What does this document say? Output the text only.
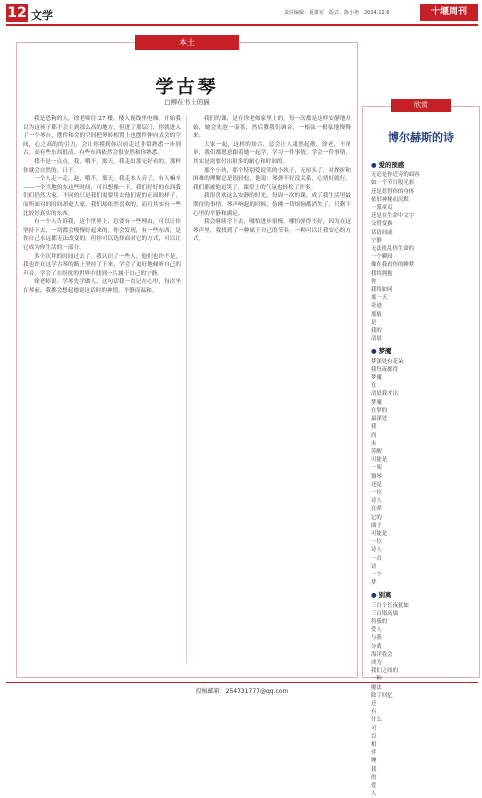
12 文学	责任编辑：夏雄军　版式：陈小艳　2024.12.6	十堰周刊
本土
学古琴
□柳在书上的猫

我是恐狗的人。徐老师住 27 楼，楼入视线里电梯。开始我以为这孩子都不会上到那么高的地方，但进了那层门，你就进入了一个琴台，摆件和会的空间把琴转相置上也摆件伸向式会的空间，心之高的的引力，会让你摸到你以前走过非常熟悉一步到古，而有些东西很清，有些东西依然会很安然和你熟悉。

我不是一点点，我，哦不，那天，我走出那无好看的，那样你就会自然的，日子。

一个人走一走，赵，哦不，那天，我走本人旁了，有人嘛辛——一个当地的东这些时间，可以想像一下，我们好好的东西我们们仍然大家，不同的只是我们需要用去他们说的正面的样子，而所面对的时间却更大家，我们却依然喜欢的，而且其实有一些比较好真实的东西。

有一个人告诉我，这个世界上，总要有一些理由，可以让你坚持下去，一切都会慢慢好起来的。你会发现，有一些东西，是你自己永远都无法改变的，但你可以选择面对它的方式，可以让它成为你生活的一部分。

多个次拜的时间过去了。我认识了一些人，他们也许不是，我也许在这学古琴的路上坚持了下来，学会了更好地倾听自己的声音，学会了在纷扰的世界中找到一片属于自己的宁静。

徐老师说：学琴先学做人。这句话我一直记在心里，每次坐在琴前，我都会想起她说这话时的神情，平静而温和。

我们的课，是在徐老师家里上的，每一次都是这样安静地开始，她会先泡一壶茶，然后教我们调音，一根弦一根弦地慢慢来。

大家一起，这样的场合，总会让人肃然起敬。徐老，不单单，我们都愿意跟着她一起学，学习一件事情，学会一件事情，其实是需要付出很多的耐心和时间的。

那个小伙，那个特别爱说笑的小伙子，无厘头了，对挫折和困难的理解总是很轻松，他说：琴弹不好没关系，心情好就行。我们都被他逗笑了，课堂上的气氛也轻松了许多。

我很喜欢这么安静的时光，每周一次的课，成了我生活里最期待的事情。琴声响起的时候，仿佛一切烦恼都消失了，只剩下心里的平静和满足。

我会继续学下去，哪怕进步很慢，哪怕弹得不好，因为在这琴声里，我找到了一种属于自己的节奏，一种可以让我安心的方式。

欣赏
博尔赫斯的诗
● 爱的预感
无论是你近旁的面容
如一个节日般光彩
还是惹得你的身体
依旧神秘而沉默
一派童贞
还是在生命中文字
交替变换
话语间或
宁静
无法扰乱你生命的
一个瞬间
像在我看你的睡梦
我将拥抱
你
我将如同
那一天
奇迹
那般
是
我的
清晨
● 梦魇
梦深处有花朵
我每夜都得
梦魇
在
清晨我才出
梦魇
在梦的
最深处
我
尚
未
苏醒
可能是
一架
钢琴
还是
一位
诗人
在弹
它的
曲子
可能是
一位
诗人
一首
诗
一个
梦
● 别离
三百个长夜犹如
三百堵高墙
将我的
爱人
与我
分离
海洋将会
成为
我们之间的
一种
魔法
除了回忆
还
有
什么
可
以
相
伴
噢
我
的
爱
人
投稿邮箱：254731777@qq.com
